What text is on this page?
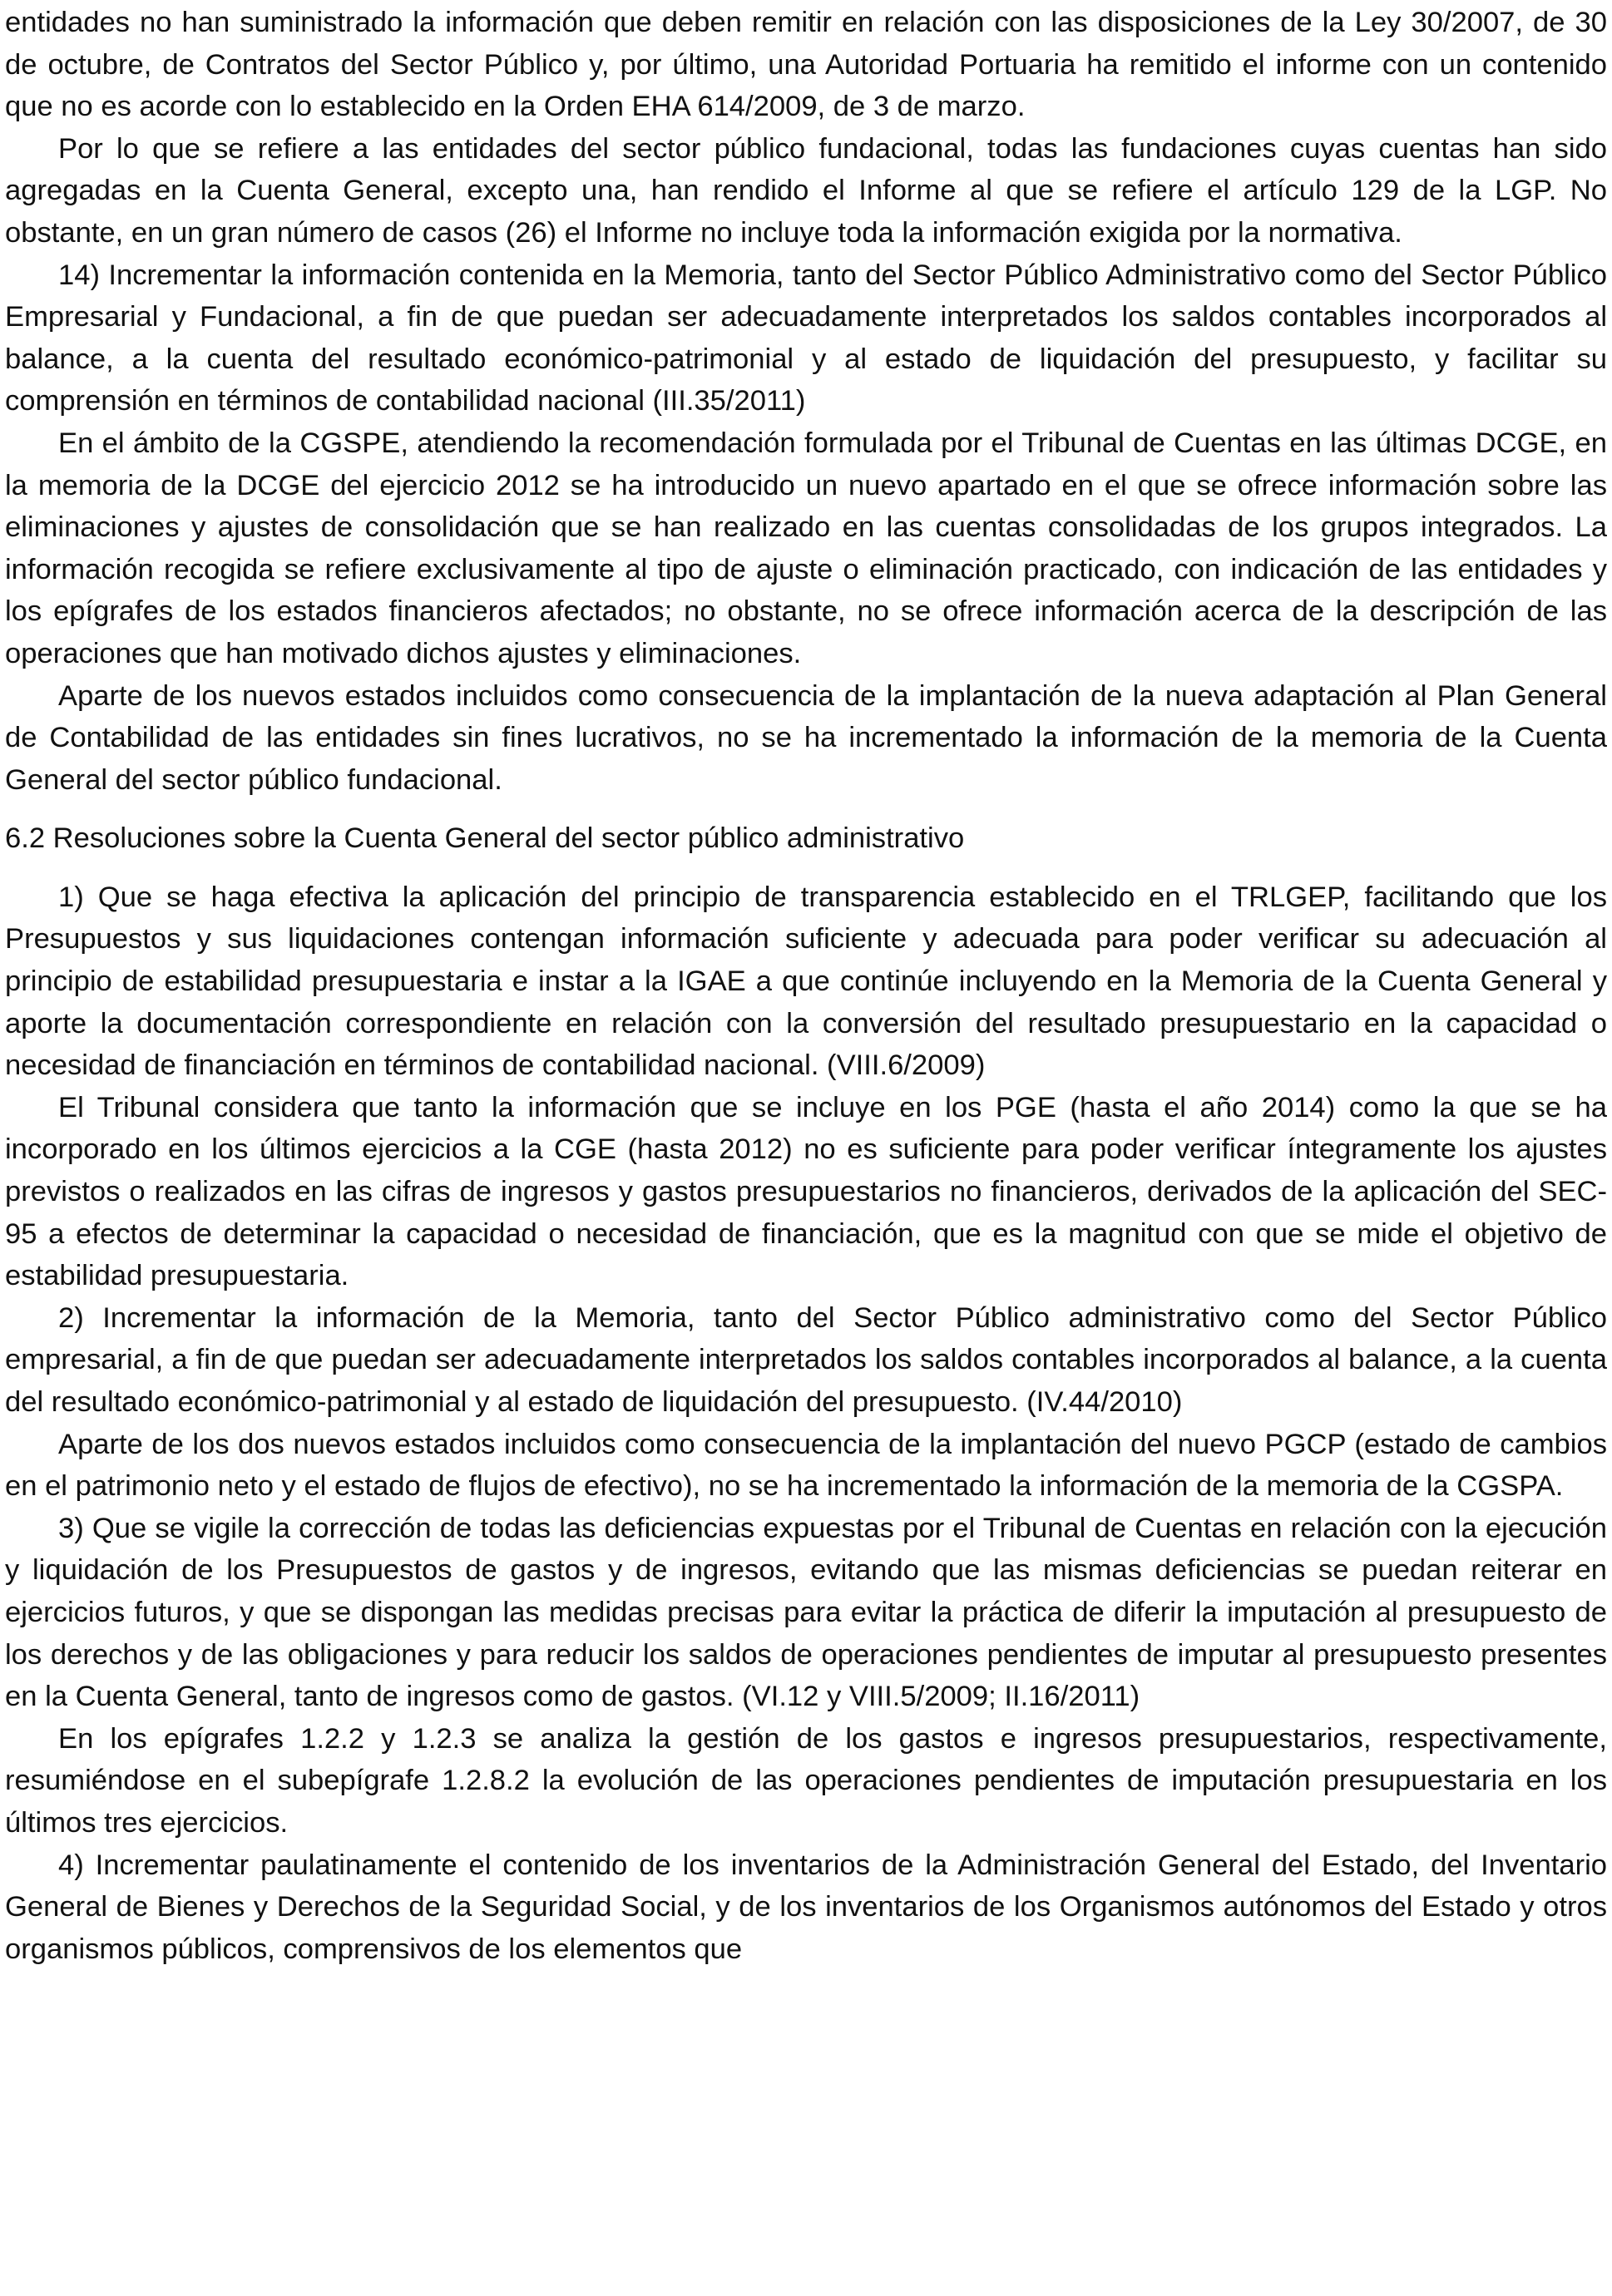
entidades no han suministrado la información que deben remitir en relación con las disposiciones de la Ley 30/2007, de 30 de octubre, de Contratos del Sector Público y, por último, una Autoridad Portuaria ha remitido el informe con un contenido que no es acorde con lo establecido en la Orden EHA 614/2009, de 3 de marzo.

Por lo que se refiere a las entidades del sector público fundacional, todas las fundaciones cuyas cuentas han sido agregadas en la Cuenta General, excepto una, han rendido el Informe al que se refiere el artículo 129 de la LGP. No obstante, en un gran número de casos (26) el Informe no incluye toda la información exigida por la normativa.

14) Incrementar la información contenida en la Memoria, tanto del Sector Público Administrativo como del Sector Público Empresarial y Fundacional, a fin de que puedan ser adecuadamente interpretados los saldos contables incorporados al balance, a la cuenta del resultado económico-patrimonial y al estado de liquidación del presupuesto, y facilitar su comprensión en términos de contabilidad nacional (III.35/2011)

En el ámbito de la CGSPE, atendiendo la recomendación formulada por el Tribunal de Cuentas en las últimas DCGE, en la memoria de la DCGE del ejercicio 2012 se ha introducido un nuevo apartado en el que se ofrece información sobre las eliminaciones y ajustes de consolidación que se han realizado en las cuentas consolidadas de los grupos integrados. La información recogida se refiere exclusivamente al tipo de ajuste o eliminación practicado, con indicación de las entidades y los epígrafes de los estados financieros afectados; no obstante, no se ofrece información acerca de la descripción de las operaciones que han motivado dichos ajustes y eliminaciones.

Aparte de los nuevos estados incluidos como consecuencia de la implantación de la nueva adaptación al Plan General de Contabilidad de las entidades sin fines lucrativos, no se ha incrementado la información de la memoria de la Cuenta General del sector público fundacional.

6.2 Resoluciones sobre la Cuenta General del sector público administrativo

1) Que se haga efectiva la aplicación del principio de transparencia establecido en el TRLGEP, facilitando que los Presupuestos y sus liquidaciones contengan información suficiente y adecuada para poder verificar su adecuación al principio de estabilidad presupuestaria e instar a la IGAE a que continúe incluyendo en la Memoria de la Cuenta General y aporte la documentación correspondiente en relación con la conversión del resultado presupuestario en la capacidad o necesidad de financiación en términos de contabilidad nacional. (VIII.6/2009)

El Tribunal considera que tanto la información que se incluye en los PGE (hasta el año 2014) como la que se ha incorporado en los últimos ejercicios a la CGE (hasta 2012) no es suficiente para poder verificar íntegramente los ajustes previstos o realizados en las cifras de ingresos y gastos presupuestarios no financieros, derivados de la aplicación del SEC-95 a efectos de determinar la capacidad o necesidad de financiación, que es la magnitud con que se mide el objetivo de estabilidad presupuestaria.

2) Incrementar la información de la Memoria, tanto del Sector Público administrativo como del Sector Público empresarial, a fin de que puedan ser adecuadamente interpretados los saldos contables incorporados al balance, a la cuenta del resultado económico-patrimonial y al estado de liquidación del presupuesto. (IV.44/2010)

Aparte de los dos nuevos estados incluidos como consecuencia de la implantación del nuevo PGCP (estado de cambios en el patrimonio neto y el estado de flujos de efectivo), no se ha incrementado la información de la memoria de la CGSPA.

3) Que se vigile la corrección de todas las deficiencias expuestas por el Tribunal de Cuentas en relación con la ejecución y liquidación de los Presupuestos de gastos y de ingresos, evitando que las mismas deficiencias se puedan reiterar en ejercicios futuros, y que se dispongan las medidas precisas para evitar la práctica de diferir la imputación al presupuesto de los derechos y de las obligaciones y para reducir los saldos de operaciones pendientes de imputar al presupuesto presentes en la Cuenta General, tanto de ingresos como de gastos. (VI.12 y VIII.5/2009; II.16/2011)

En los epígrafes 1.2.2 y 1.2.3 se analiza la gestión de los gastos e ingresos presupuestarios, respectivamente, resumiéndose en el subepígrafe 1.2.8.2 la evolución de las operaciones pendientes de imputación presupuestaria en los últimos tres ejercicios.

4) Incrementar paulatinamente el contenido de los inventarios de la Administración General del Estado, del Inventario General de Bienes y Derechos de la Seguridad Social, y de los inventarios de los Organismos autónomos del Estado y otros organismos públicos, comprensivos de los elementos que
